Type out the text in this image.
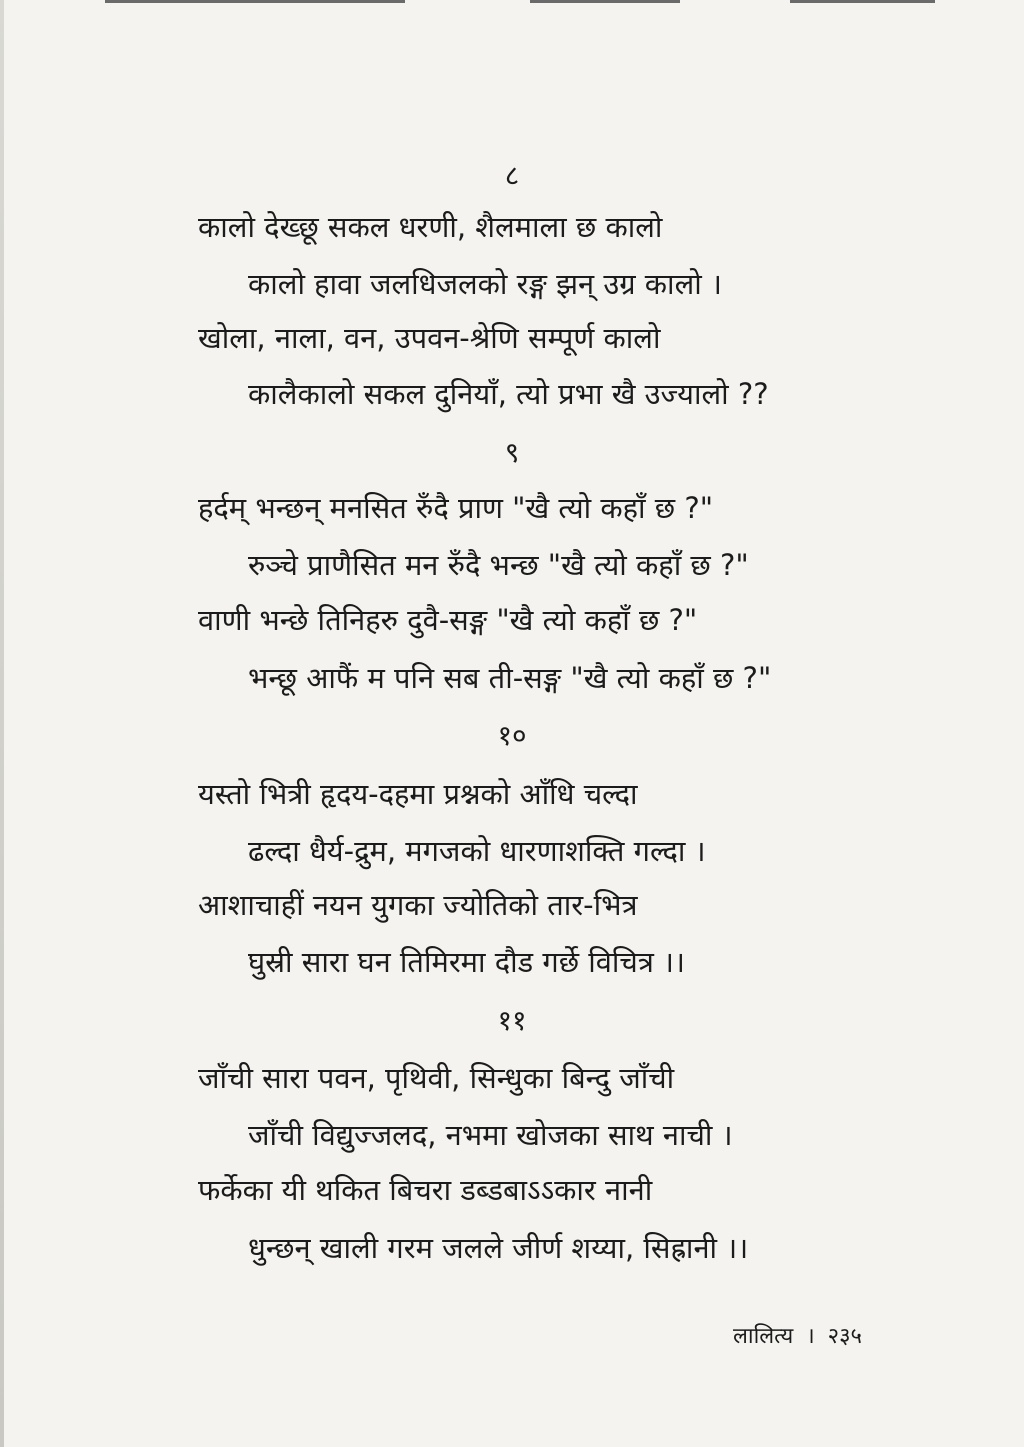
८

कालो देख्छू सकल धरणी, शैलमाला छ कालो

कालो हावा जलधिजलको रङ्ग झन् उग्र कालो ।

खोला, नाला, वन, उपवन-श्रेणि सम्पूर्ण कालो

कालैकालो सकल दुनियाँ, त्यो प्रभा खै उज्यालो ??

९

हर्दम् भन्छन् मनसित रुँदै प्राण "खै त्यो कहाँ छ ?"

रुञ्चे प्राणैसित मन रुँदै भन्छ "खै त्यो कहाँ छ ?"

वाणी भन्छे तिनिहरु दुवै-सङ्ग "खै त्यो कहाँ छ ?"

भन्छू आफैं म पनि सब ती-सङ्ग "खै त्यो कहाँ छ ?"

१०

यस्तो भित्री हृदय-दहमा प्रश्नको आँधि चल्दा

ढल्दा धैर्य-द्रुम, मगजको धारणाशक्ति गल्दा ।

आशाचाहीं नयन युगका ज्योतिको तार-भित्र

घुस्री सारा घन तिमिरमा दौड गर्छे विचित्र ।।

११

जाँची सारा पवन, पृथिवी, सिन्धुका बिन्दु जाँची

जाँची विद्युज्जलद, नभमा खोजका साथ नाची ।

फर्केका यी थकित बिचरा डब्डबाऽऽकार नानी

धुन्छन् खाली गरम जलले जीर्ण शय्या, सिह्रानी ।।

लालित्य । २३५
